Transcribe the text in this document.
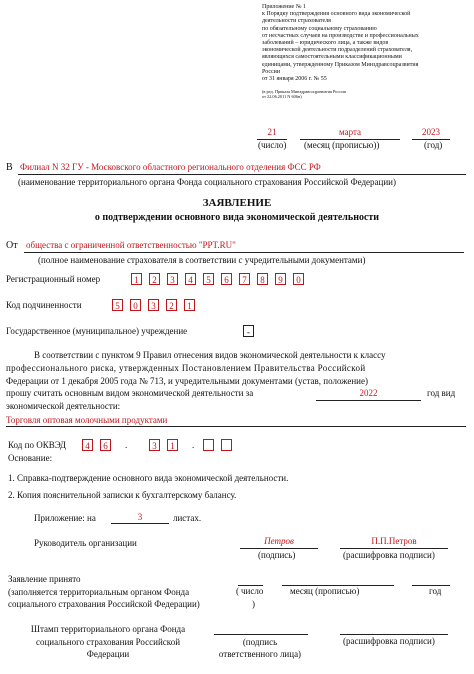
Приложение № 1
к Порядку подтверждения основного вида экономической
деятельности страхователя
по обязательному социальному страхованию
от несчастных случаев на производстве и профессиональных
заболеваний – юридического лица, а также видов
экономической деятельности подразделений страхователя,
являющихся самостоятельными классификационными
единицами, утвержденному Приказом Минздравсоцразвития
России
от 31 января 2006 г. № 55
(в ред. Приказа Минздравсоцразвития России
от 22.06.2011 N 606н)
21
(число)
марта
(месяц (прописью))
2023
(год)
В Филиал N 32 ГУ - Московского областного регионального отделения ФСС РФ
(наименование территориального органа Фонда социального страхования Российской Федерации)
ЗАЯВЛЕНИЕ
о подтверждении основного вида экономической деятельности
От общества с ограниченной ответственностью "PPT.RU"
(полное наименование страхователя в соответствии с учредительными документами)
Регистрационный номер	1	2	3	4	5	6	7	8	9	0
Код подчиненности	5	0	3	2	1
Государственное (муниципальное) учреждение	-
В соответствии с пунктом 9 Правил отнесения видов экономической деятельности к классу
профессионального риска, утвержденных Постановлением Правительства Российской
Федерации от 1 декабря 2005 года № 713, и учредительными документами (устав, положение)
прошу считать основным видом экономической деятельности за	2022	год вид
экономической деятельности:
Торговля оптовая молочными продуктами
Код по ОКВЭД	4	6	.	3	1	.
Основание:
1. Справка-подтверждение основного вида экономической деятельности.
2. Копия пояснительной записки к бухгалтерскому балансу.
Приложение: на	3	листах.
Руководитель организации	Петров
(подпись)
П.П.Петров
(расшифровка подписи)
Заявление принято
(заполняется территориальным органом Фонда
социального страхования Российской Федерации)
( число	месяц (прописью)	год
)
Штамп территориального органа Фонда
социального страхования Российской
Федерации
(подпись
ответственного лица)
(расшифровка подписи)
